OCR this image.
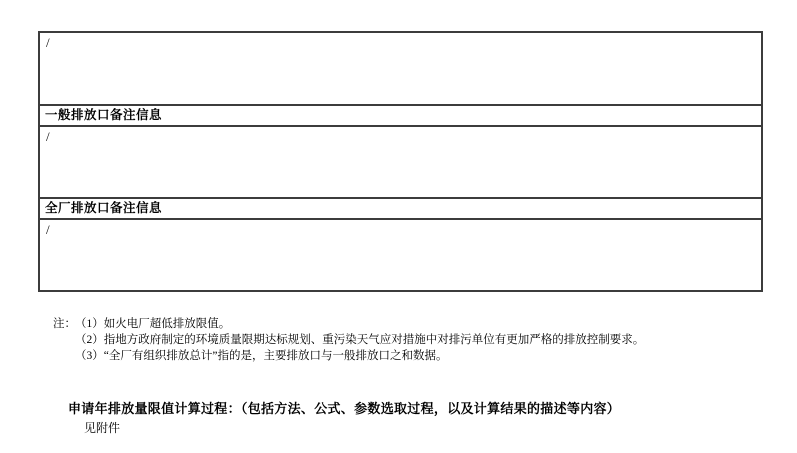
/
一般排放口备注信息
/
全厂排放口备注信息
/
注： （1）如火电厂超低排放限值。
（2）指地方政府制定的环境质量限期达标规划、重污染天气应对措施中对排污单位有更加严格的排放控制要求。
（3）“全厂有组织排放总计”指的是，主要排放口与一般排放口之和数据。
申请年排放量限值计算过程：（包括方法、公式、参数选取过程，以及计算结果的描述等内容）
见附件
